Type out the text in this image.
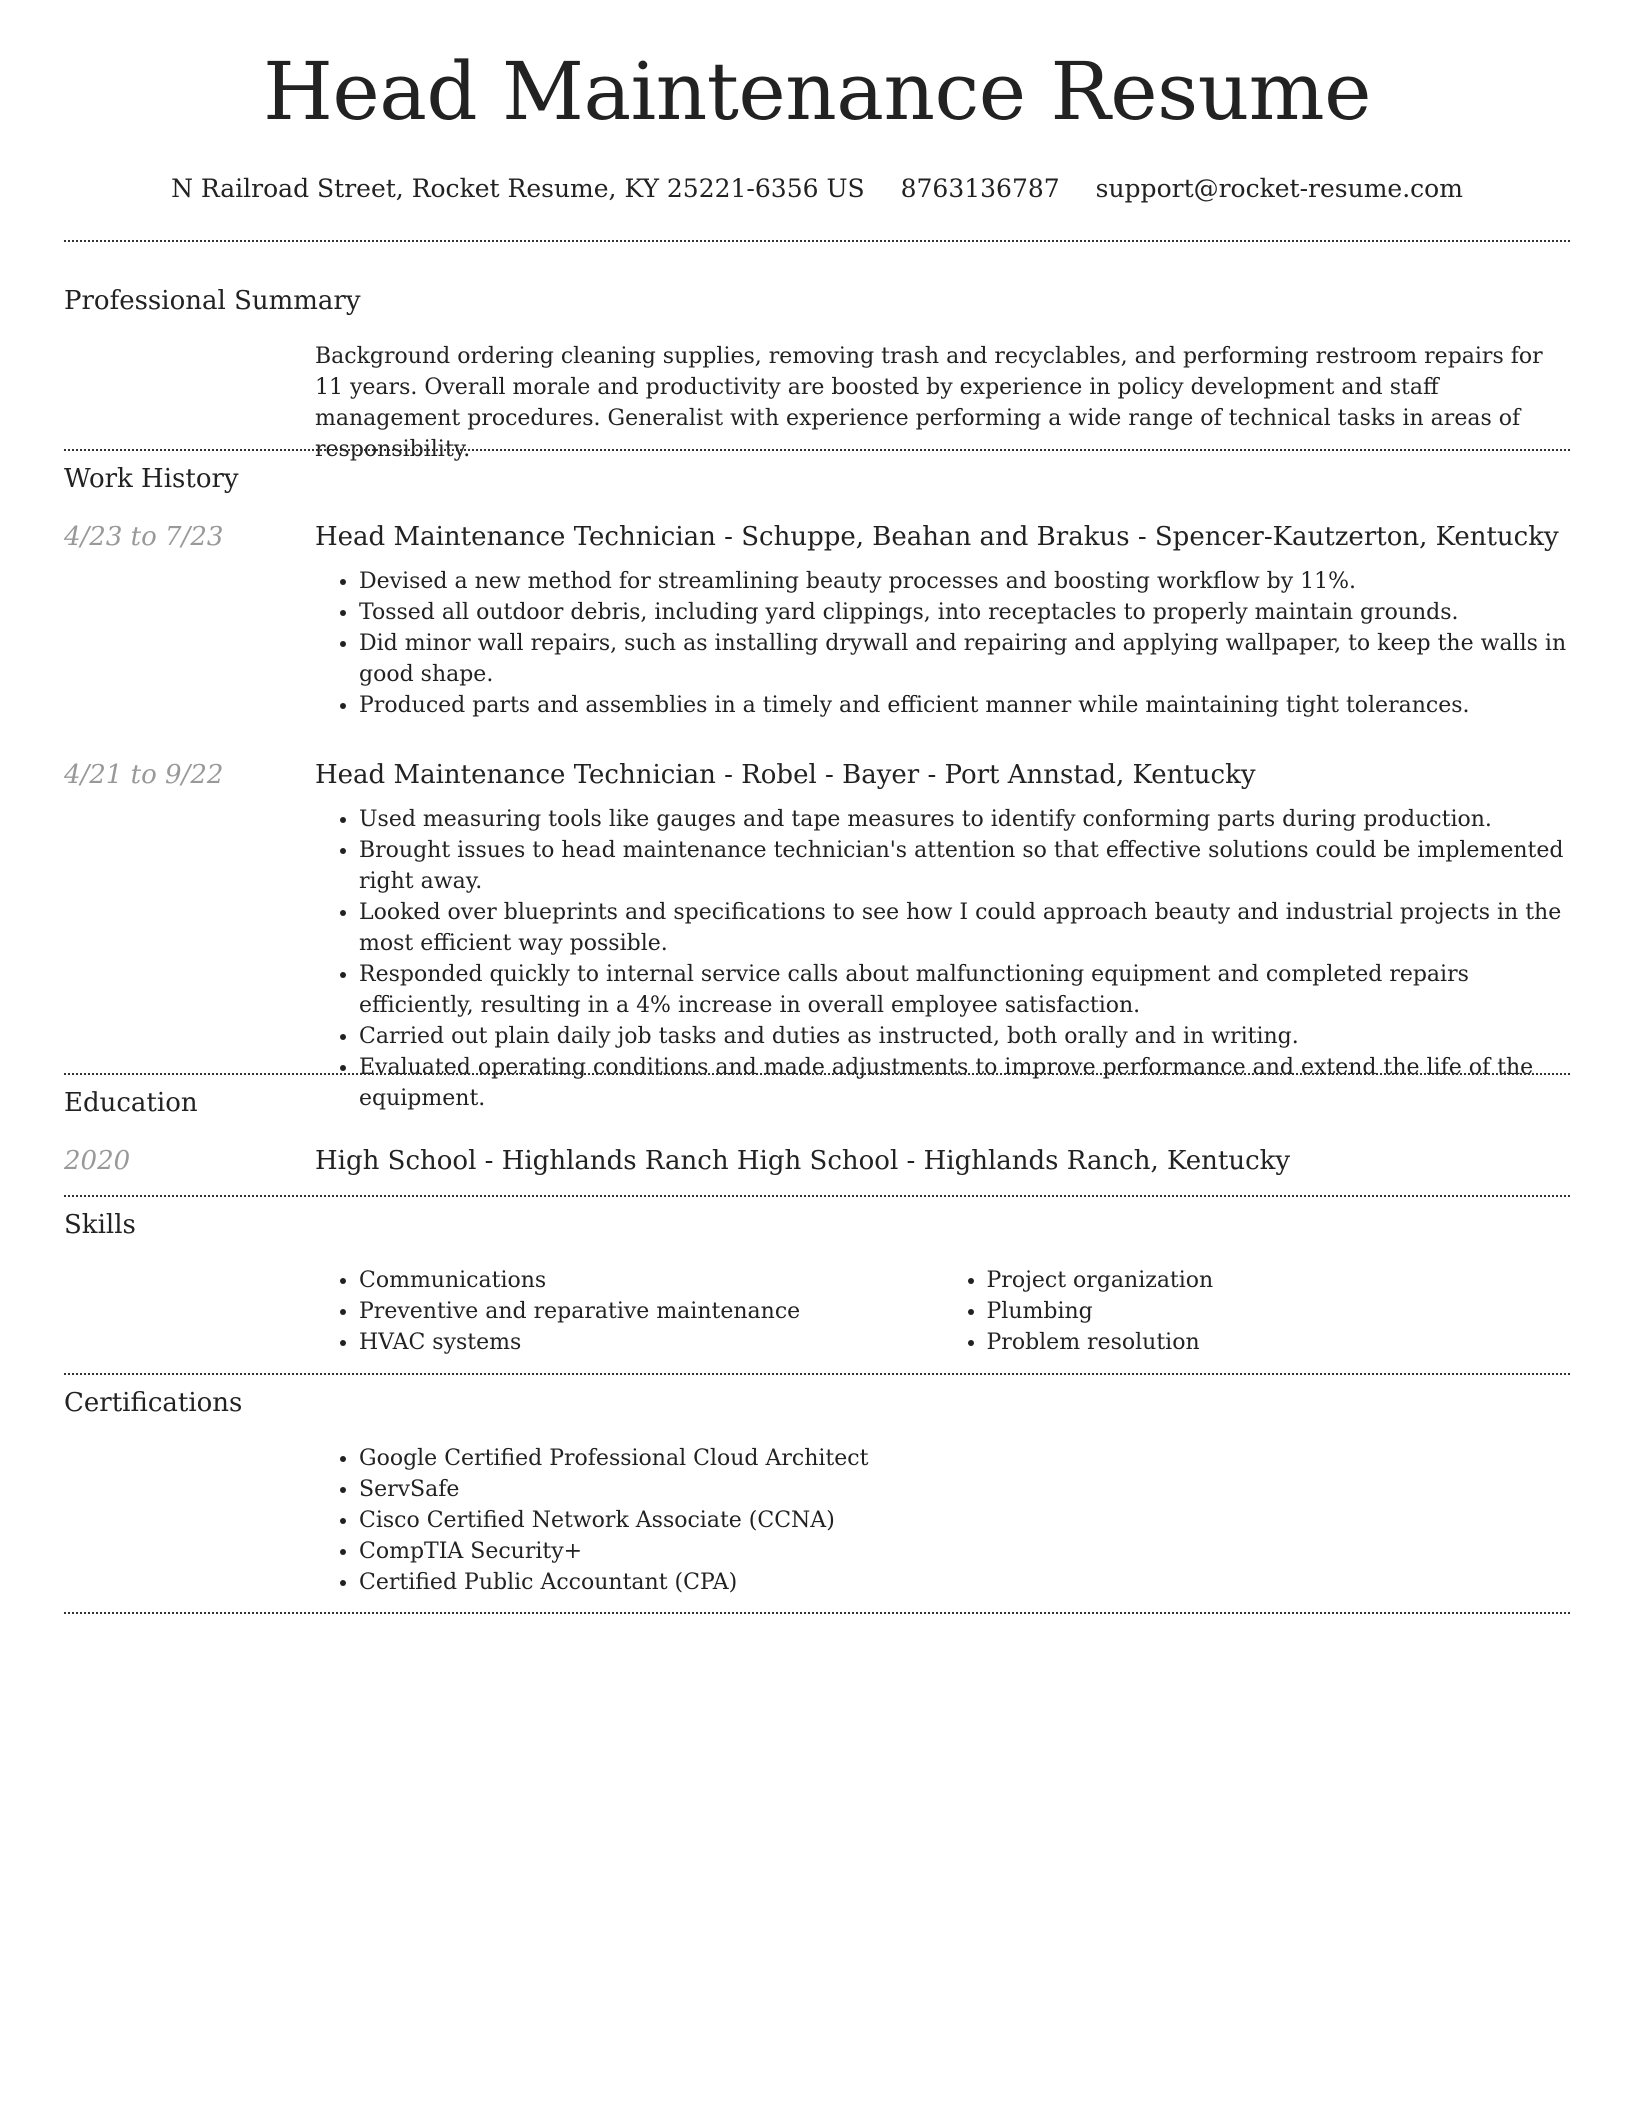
Head Maintenance Resume
N Railroad Street, Rocket Resume, KY 25221-6356 US 8763136787 support@rocket-resume.com
Professional Summary
Background ordering cleaning supplies, removing trash and recyclables, and performing restroom repairs for 11 years. Overall morale and productivity are boosted by experience in policy development and staff management procedures. Generalist with experience performing a wide range of technical tasks in areas of responsibility.
Work History
4/23 to 7/23	Head Maintenance Technician - Schuppe, Beahan and Brakus - Spencer-Kautzerton, Kentucky
• Devised a new method for streamlining beauty processes and boosting workflow by 11%.
• Tossed all outdoor debris, including yard clippings, into receptacles to properly maintain grounds.
• Did minor wall repairs, such as installing drywall and repairing and applying wallpaper, to keep the walls in good shape.
• Produced parts and assemblies in a timely and efficient manner while maintaining tight tolerances.
4/21 to 9/22	Head Maintenance Technician - Robel - Bayer - Port Annstad, Kentucky
• Used measuring tools like gauges and tape measures to identify conforming parts during production.
• Brought issues to head maintenance technician's attention so that effective solutions could be implemented right away.
• Looked over blueprints and specifications to see how I could approach beauty and industrial projects in the most efficient way possible.
• Responded quickly to internal service calls about malfunctioning equipment and completed repairs efficiently, resulting in a 4% increase in overall employee satisfaction.
• Carried out plain daily job tasks and duties as instructed, both orally and in writing.
• Evaluated operating conditions and made adjustments to improve performance and extend the life of the equipment.
Education
2020	High School - Highlands Ranch High School - Highlands Ranch, Kentucky
Skills
• Communications
• Preventive and reparative maintenance
• HVAC systems
• Project organization
• Plumbing
• Problem resolution
Certifications
• Google Certified Professional Cloud Architect
• ServSafe
• Cisco Certified Network Associate (CCNA)
• CompTIA Security+
• Certified Public Accountant (CPA)
